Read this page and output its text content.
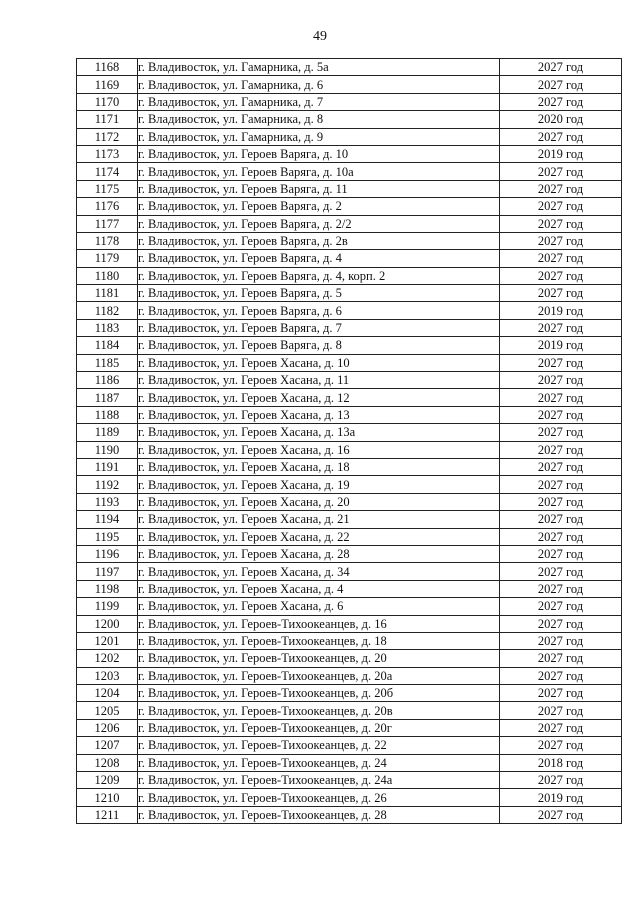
49
1168	г. Владивосток, ул. Гамарника, д. 5а	2027 год
1169	г. Владивосток, ул. Гамарника, д. 6	2027 год
1170	г. Владивосток, ул. Гамарника, д. 7	2027 год
1171	г. Владивосток, ул. Гамарника, д. 8	2020 год
1172	г. Владивосток, ул. Гамарника, д. 9	2027 год
1173	г. Владивосток, ул. Героев Варяга, д. 10	2019 год
1174	г. Владивосток, ул. Героев Варяга, д. 10а	2027 год
1175	г. Владивосток, ул. Героев Варяга, д. 11	2027 год
1176	г. Владивосток, ул. Героев Варяга, д. 2	2027 год
1177	г. Владивосток, ул. Героев Варяга, д. 2/2	2027 год
1178	г. Владивосток, ул. Героев Варяга, д. 2в	2027 год
1179	г. Владивосток, ул. Героев Варяга, д. 4	2027 год
1180	г. Владивосток, ул. Героев Варяга, д. 4, корп. 2	2027 год
1181	г. Владивосток, ул. Героев Варяга, д. 5	2027 год
1182	г. Владивосток, ул. Героев Варяга, д. 6	2019 год
1183	г. Владивосток, ул. Героев Варяга, д. 7	2027 год
1184	г. Владивосток, ул. Героев Варяга, д. 8	2019 год
1185	г. Владивосток, ул. Героев Хасана, д. 10	2027 год
1186	г. Владивосток, ул. Героев Хасана, д. 11	2027 год
1187	г. Владивосток, ул. Героев Хасана, д. 12	2027 год
1188	г. Владивосток, ул. Героев Хасана, д. 13	2027 год
1189	г. Владивосток, ул. Героев Хасана, д. 13а	2027 год
1190	г. Владивосток, ул. Героев Хасана, д. 16	2027 год
1191	г. Владивосток, ул. Героев Хасана, д. 18	2027 год
1192	г. Владивосток, ул. Героев Хасана, д. 19	2027 год
1193	г. Владивосток, ул. Героев Хасана, д. 20	2027 год
1194	г. Владивосток, ул. Героев Хасана, д. 21	2027 год
1195	г. Владивосток, ул. Героев Хасана, д. 22	2027 год
1196	г. Владивосток, ул. Героев Хасана, д. 28	2027 год
1197	г. Владивосток, ул. Героев Хасана, д. 34	2027 год
1198	г. Владивосток, ул. Героев Хасана, д. 4	2027 год
1199	г. Владивосток, ул. Героев Хасана, д. 6	2027 год
1200	г. Владивосток, ул. Героев-Тихоокеанцев, д. 16	2027 год
1201	г. Владивосток, ул. Героев-Тихоокеанцев, д. 18	2027 год
1202	г. Владивосток, ул. Героев-Тихоокеанцев, д. 20	2027 год
1203	г. Владивосток, ул. Героев-Тихоокеанцев, д. 20а	2027 год
1204	г. Владивосток, ул. Героев-Тихоокеанцев, д. 20б	2027 год
1205	г. Владивосток, ул. Героев-Тихоокеанцев, д. 20в	2027 год
1206	г. Владивосток, ул. Героев-Тихоокеанцев, д. 20г	2027 год
1207	г. Владивосток, ул. Героев-Тихоокеанцев, д. 22	2027 год
1208	г. Владивосток, ул. Героев-Тихоокеанцев, д. 24	2018 год
1209	г. Владивосток, ул. Героев-Тихоокеанцев, д. 24а	2027 год
1210	г. Владивосток, ул. Героев-Тихоокеанцев, д. 26	2019 год
1211	г. Владивосток, ул. Героев-Тихоокеанцев, д. 28	2027 год
